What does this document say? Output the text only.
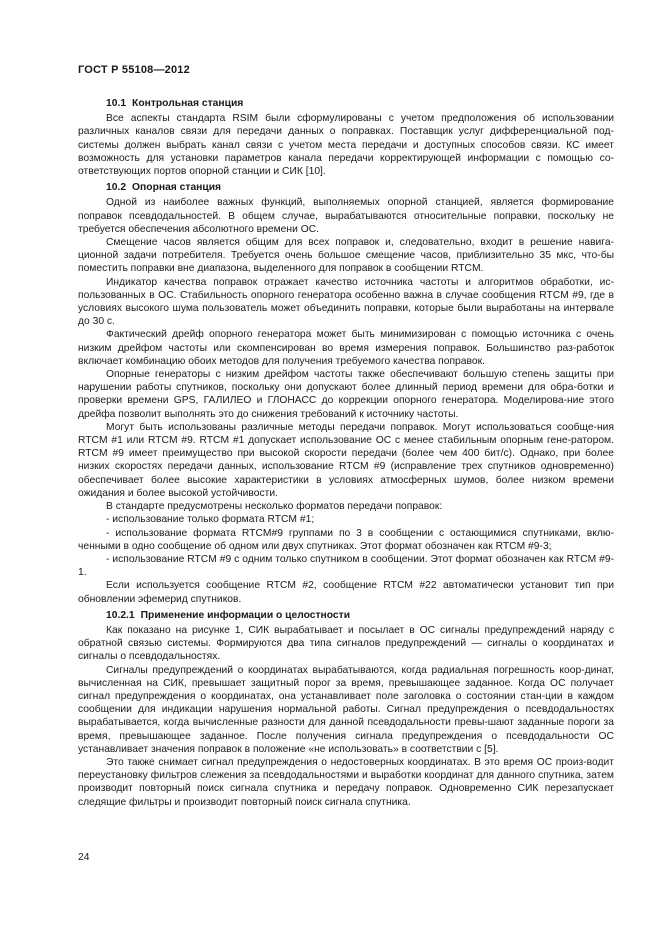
ГОСТ Р 55108—2012

10.1 Контрольная станция

Все аспекты стандарта RSIM были сформулированы с учетом предположения об использовании различных каналов связи для передачи данных о поправках. Поставщик услуг дифференциальной под-системы должен выбрать канал связи с учетом места передачи и доступных способов связи. КС имеет возможность для установки параметров канала передачи корректирующей информации с помощью со-ответствующих портов опорной станции и СИК [10].

10.2 Опорная станция

Одной из наиболее важных функций, выполняемых опорной станцией, является формирование поправок псевдодальностей. В общем случае, вырабатываются относительные поправки, поскольку не требуется обеспечения абсолютного времени ОС.

Смещение часов является общим для всех поправок и, следовательно, входит в решение навига-ционной задачи потребителя. Требуется очень большое смещение часов, приблизительно 35 мкс, что-бы поместить поправки вне диапазона, выделенного для поправок в сообщении RTCM.

Индикатор качества поправок отражает качество источника частоты и алгоритмов обработки, ис-пользованных в ОС. Стабильность опорного генератора особенно важна в случае сообщения RTCM #9, где в условиях высокого шума пользователь может объединить поправки, которые были выработаны на интервале до 30 с.

Фактический дрейф опорного генератора может быть минимизирован с помощью источника с очень низким дрейфом частоты или скомпенсирован во время измерения поправок. Большинство раз-работок включает комбинацию обоих методов для получения требуемого качества поправок.

Опорные генераторы с низким дрейфом частоты также обеспечивают большую степень защиты при нарушении работы спутников, поскольку они допускают более длинный период времени для обра-ботки и проверки времени GPS, ГАЛИЛЕО и ГЛОНАСС до коррекции опорного генератора. Моделирова-ние этого дрейфа позволит выполнять это до снижения требований к источнику частоты.

Могут быть использованы различные методы передачи поправок. Могут использоваться сообще-ния RTCM #1 или RTCM #9. RTCM #1 допускает использование ОС с менее стабильным опорным гене-ратором. RTCM #9 имеет преимущество при высокой скорости передачи (более чем 400 бит/с). Однако, при более низких скоростях передачи данных, использование RTCM #9 (исправление трех спутников одновременно) обеспечивает более высокие характеристики в условиях атмосферных шумов, более низком времени ожидания и более высокой устойчивости.

В стандарте предусмотрены несколько форматов передачи поправок:

- использование только формата RTCM #1;

- использование формата RTCM#9 группами по 3 в сообщении с остающимися спутниками, вклю-ченными в одно сообщение об одном или двух спутниках. Этот формат обозначен как RTCM #9-3;

- использование RTCM #9 с одним только спутником в сообщении. Этот формат обозначен как RTCM #9-1.

Если используется сообщение RTCM #2, сообщение RTCM #22 автоматически установит тип при обновлении эфемерид спутников.

10.2.1 Применение информации о целостности

Как показано на рисунке 1, СИК вырабатывает и посылает в ОС сигналы предупреждений наряду с обратной связью системы. Формируются два типа сигналов предупреждений — сигналы о координатах и сигналы о псевдодальностях.

Сигналы предупреждений о координатах вырабатываются, когда радиальная погрешность коор-динат, вычисленная на СИК, превышает защитный порог за время, превышающее заданное. Когда ОС получает сигнал предупреждения о координатах, она устанавливает поле заголовка о состоянии стан-ции в каждом сообщении для индикации нарушения нормальной работы. Сигнал предупреждения о псевдодальностях вырабатывается, когда вычисленные разности для данной псевдодальности превы-шают заданные пороги за время, превышающее заданное. После получения сигнала предупреждения о псевдодальности ОС устанавливает значения поправок в положение «не использовать» в соответствии с [5].

Это также снимает сигнал предупреждения о недостоверных координатах. В это время ОС произ-водит переустановку фильтров слежения за псевдодальностями и выработки координат для данного спутника, затем производит повторный поиск сигнала спутника и передачу поправок. Одновременно СИК перезапускает следящие фильтры и производит повторный поиск сигнала спутника.

24
